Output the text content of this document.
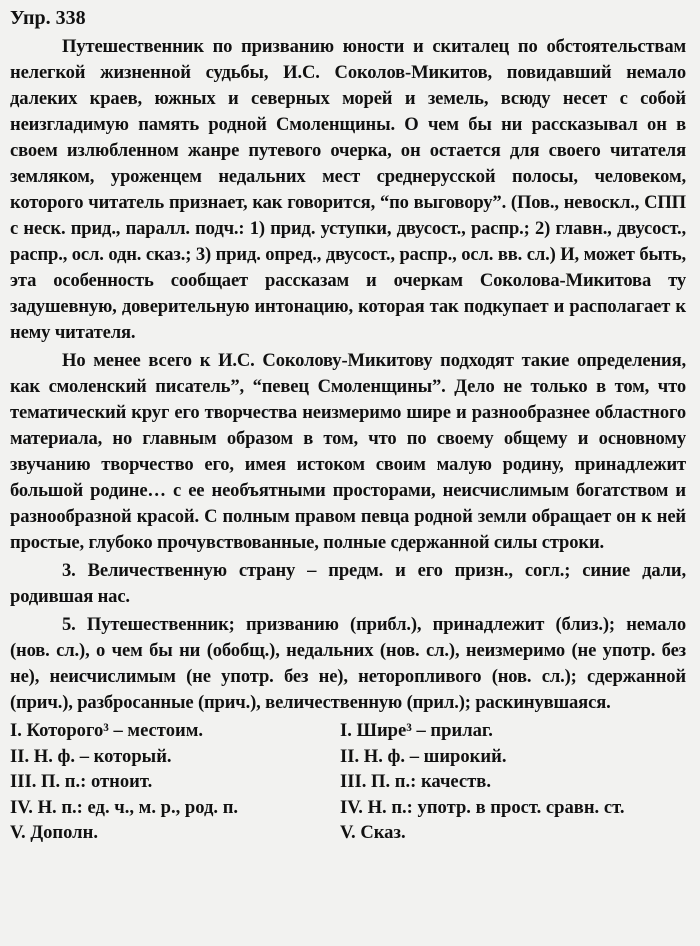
Упр. 338

Путешественник по призванию юности и скиталец по обстоятельствам нелегкой жизненной судьбы, И.С. Соколов-Микитов, повидавший немало далеких краев, южных и северных морей и земель, всюду несет с собой неизгладимую память родной Смоленщины. О чем бы ни рассказывал он в своем излюбленном жанре путевого очерка, он остается для своего читателя земляком, уроженцем недальних мест среднерусской полосы, человеком, которого читатель признает, как говорится, “по выговору”. (Пов., невоскл., СПП с неск. прид., паралл. подч.: 1) прид. уступки, двусост., распр.; 2) главн., двусост., распр., осл. одн. сказ.; 3) прид. опред., двусост., распр., осл. вв. сл.) И, может быть, эта особенность сообщает рассказам и очеркам Соколова-Микитова ту задушевную, доверительную интонацию, которая так подкупает и располагает к нему читателя.

Но менее всего к И.С. Соколову-Микитову подходят такие определения, как смоленский писатель”, “певец Смоленщины”. Дело не только в том, что тематический круг его творчества неизмеримо шире и разнообразнее областного материала, но главным образом в том, что по своему общему и основному звучанию творчество его, имея истоком своим малую родину, принадлежит большой родине… с ее необъятными просторами, неисчислимым богатством и разнообразной красой. С полным правом певца родной земли обращает он к ней простые, глубоко прочувствованные, полные сдержанной силы строки.

3. Величественную страну – предм. и его призн., согл.; синие дали, родившая нас.

5. Путешественник; призванию (прибл.), принадлежит (близ.); немало (нов. сл.), о чем бы ни (обобщ.), недальних (нов. сл.), неизмеримо (не употр. без не), неисчислимым (не употр. без не), неторопливого (нов. сл.); сдержанной (прич.), разбросанные (прич.), величественную (прил.); раскинувшаяся.

I. Которого³ – местоим.
II. Н. ф. – который.
III. П. п.: отноит.
IV. Н. п.: ед. ч., м. р., род. п.
V. Дополн.
I. Шире³ – прилаг.
II. Н. ф. – широкий.
III. П. п.: качеств.
IV. Н. п.: употр. в прост. сравн. ст.
V. Сказ.
